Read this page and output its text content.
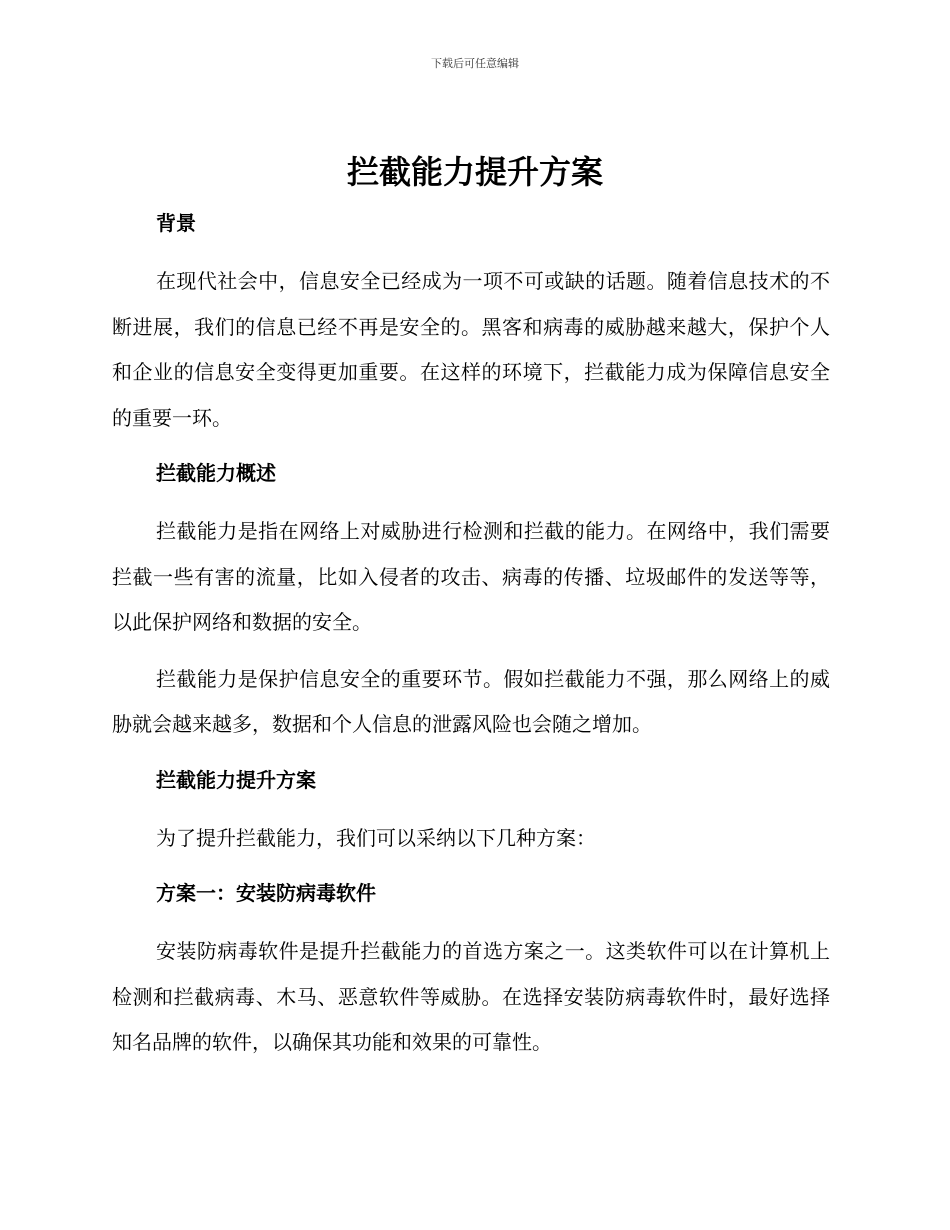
下载后可任意编辑
拦截能力提升方案

背景

在现代社会中，信息安全已经成为一项不可或缺的话题。随着信息技术的不断进展，我们的信息已经不再是安全的。黑客和病毒的威胁越来越大，保护个人和企业的信息安全变得更加重要。在这样的环境下，拦截能力成为保障信息安全的重要一环。

拦截能力概述

拦截能力是指在网络上对威胁进行检测和拦截的能力。在网络中，我们需要拦截一些有害的流量，比如入侵者的攻击、病毒的传播、垃圾邮件的发送等等，以此保护网络和数据的安全。

拦截能力是保护信息安全的重要环节。假如拦截能力不强，那么网络上的威胁就会越来越多，数据和个人信息的泄露风险也会随之增加。

拦截能力提升方案

为了提升拦截能力，我们可以采纳以下几种方案：

方案一：安装防病毒软件

安装防病毒软件是提升拦截能力的首选方案之一。这类软件可以在计算机上检测和拦截病毒、木马、恶意软件等威胁。在选择安装防病毒软件时，最好选择知名品牌的软件，以确保其功能和效果的可靠性。
